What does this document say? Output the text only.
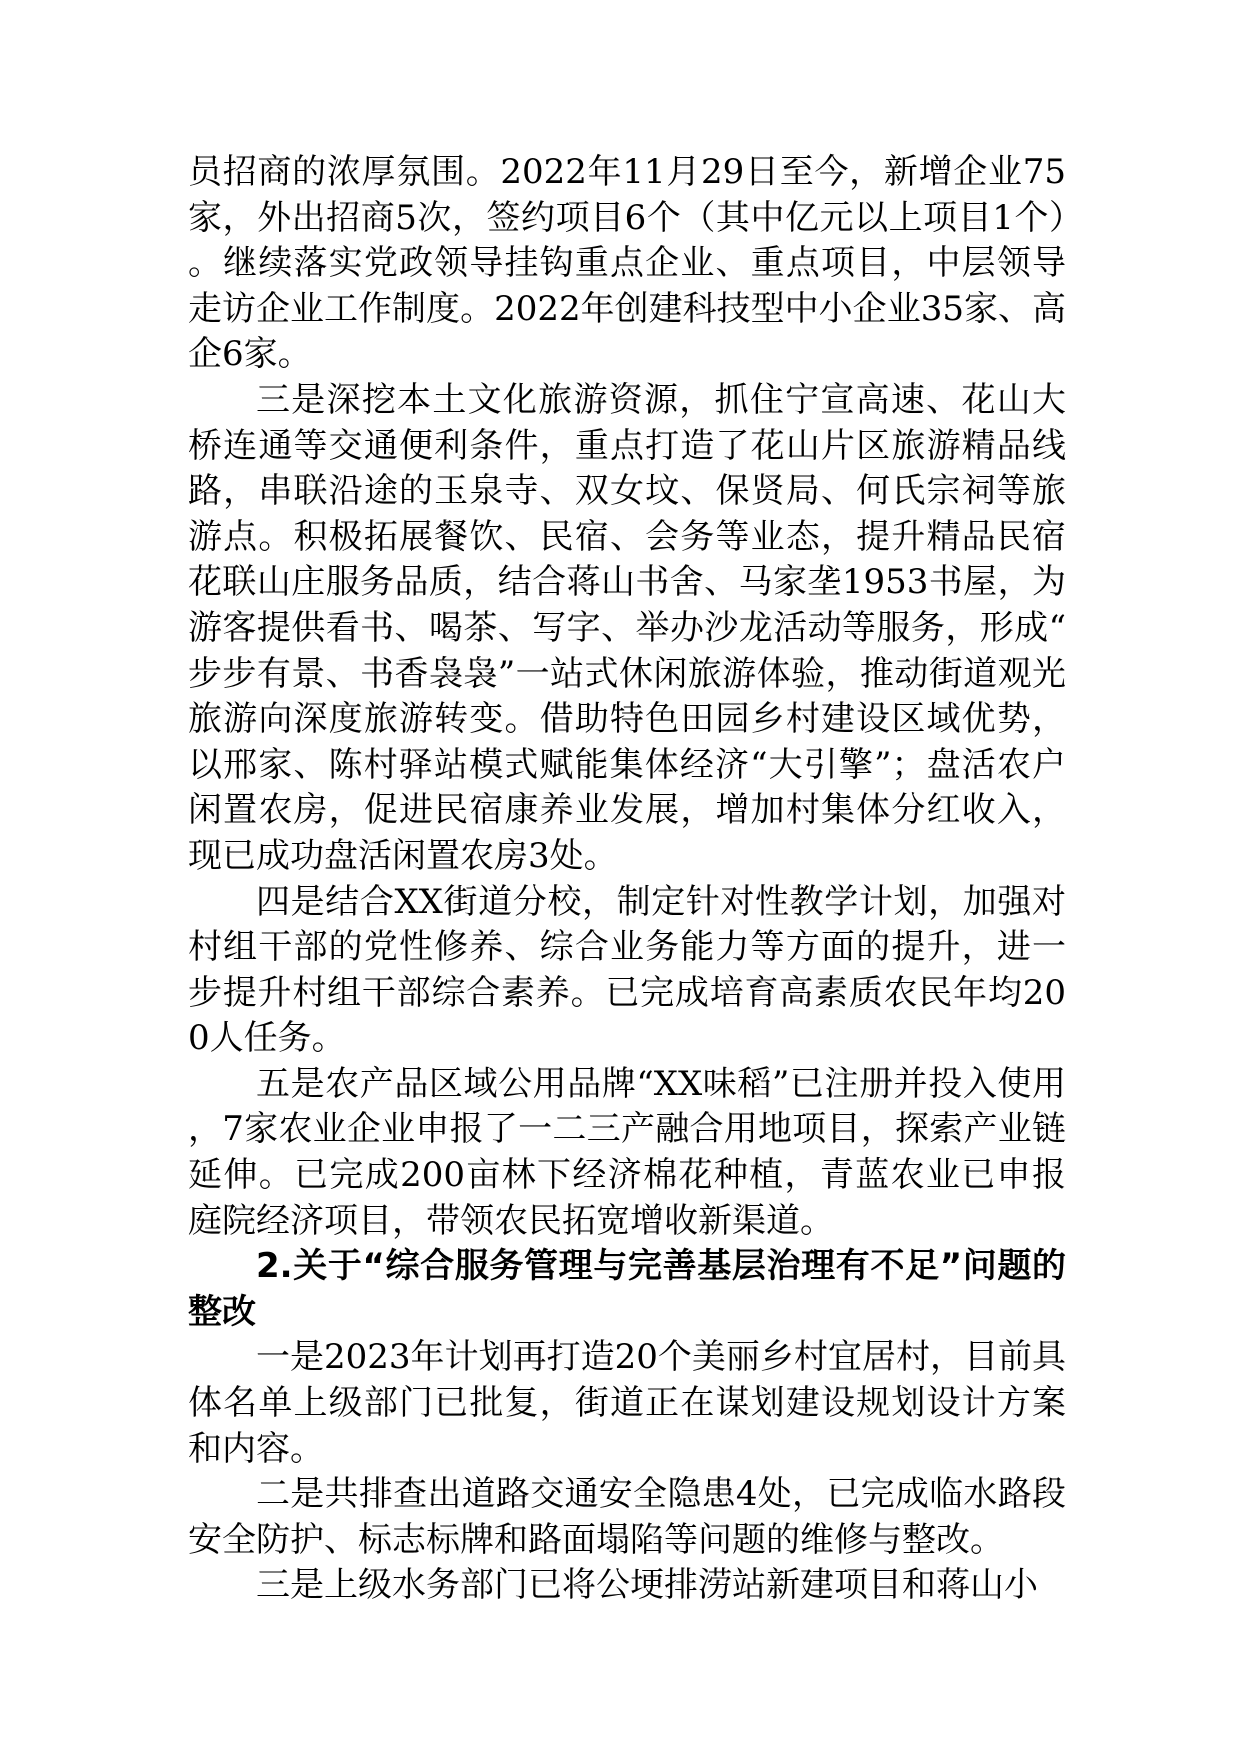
员招商的浓厚氛围。2022年11月29日至今，新增企业75家，外出招商5次，签约项目6个（其中亿元以上项目1个）。继续落实党政领导挂钩重点企业、重点项目，中层领导走访企业工作制度。2022年创建科技型中小企业35家、高企6家。

三是深挖本土文化旅游资源，抓住宁宣高速、花山大桥连通等交通便利条件，重点打造了花山片区旅游精品线路，串联沿途的玉泉寺、双女坟、保贤局、何氏宗祠等旅游点。积极拓展餐饮、民宿、会务等业态，提升精品民宿花联山庄服务品质，结合蒋山书舍、马家垄1953书屋，为游客提供看书、喝茶、写字、举办沙龙活动等服务，形成“步步有景、书香袅袅”一站式休闲旅游体验，推动街道观光旅游向深度旅游转变。借助特色田园乡村建设区域优势，以邢家、陈村驿站模式赋能集体经济“大引擎”；盘活农户闲置农房，促进民宿康养业发展，增加村集体分红收入，现已成功盘活闲置农房3处。

四是结合XX街道分校，制定针对性教学计划，加强对村组干部的党性修养、综合业务能力等方面的提升，进一步提升村组干部综合素养。已完成培育高素质农民年均200人任务。

五是农产品区域公用品牌“XX味稻”已注册并投入使用，7家农业企业申报了一二三产融合用地项目，探索产业链延伸。已完成200亩林下经济棉花种植，青蓝农业已申报庭院经济项目，带领农民拓宽增收新渠道。

2.关于“综合服务管理与完善基层治理有不足”问题的整改

一是2023年计划再打造20个美丽乡村宜居村，目前具体名单上级部门已批复，街道正在谋划建设规划设计方案和内容。

二是共排查出道路交通安全隐患4处，已完成临水路段安全防护、标志标牌和路面塌陷等问题的维修与整改。

三是上级水务部门已将公埂排涝站新建项目和蒋山小
